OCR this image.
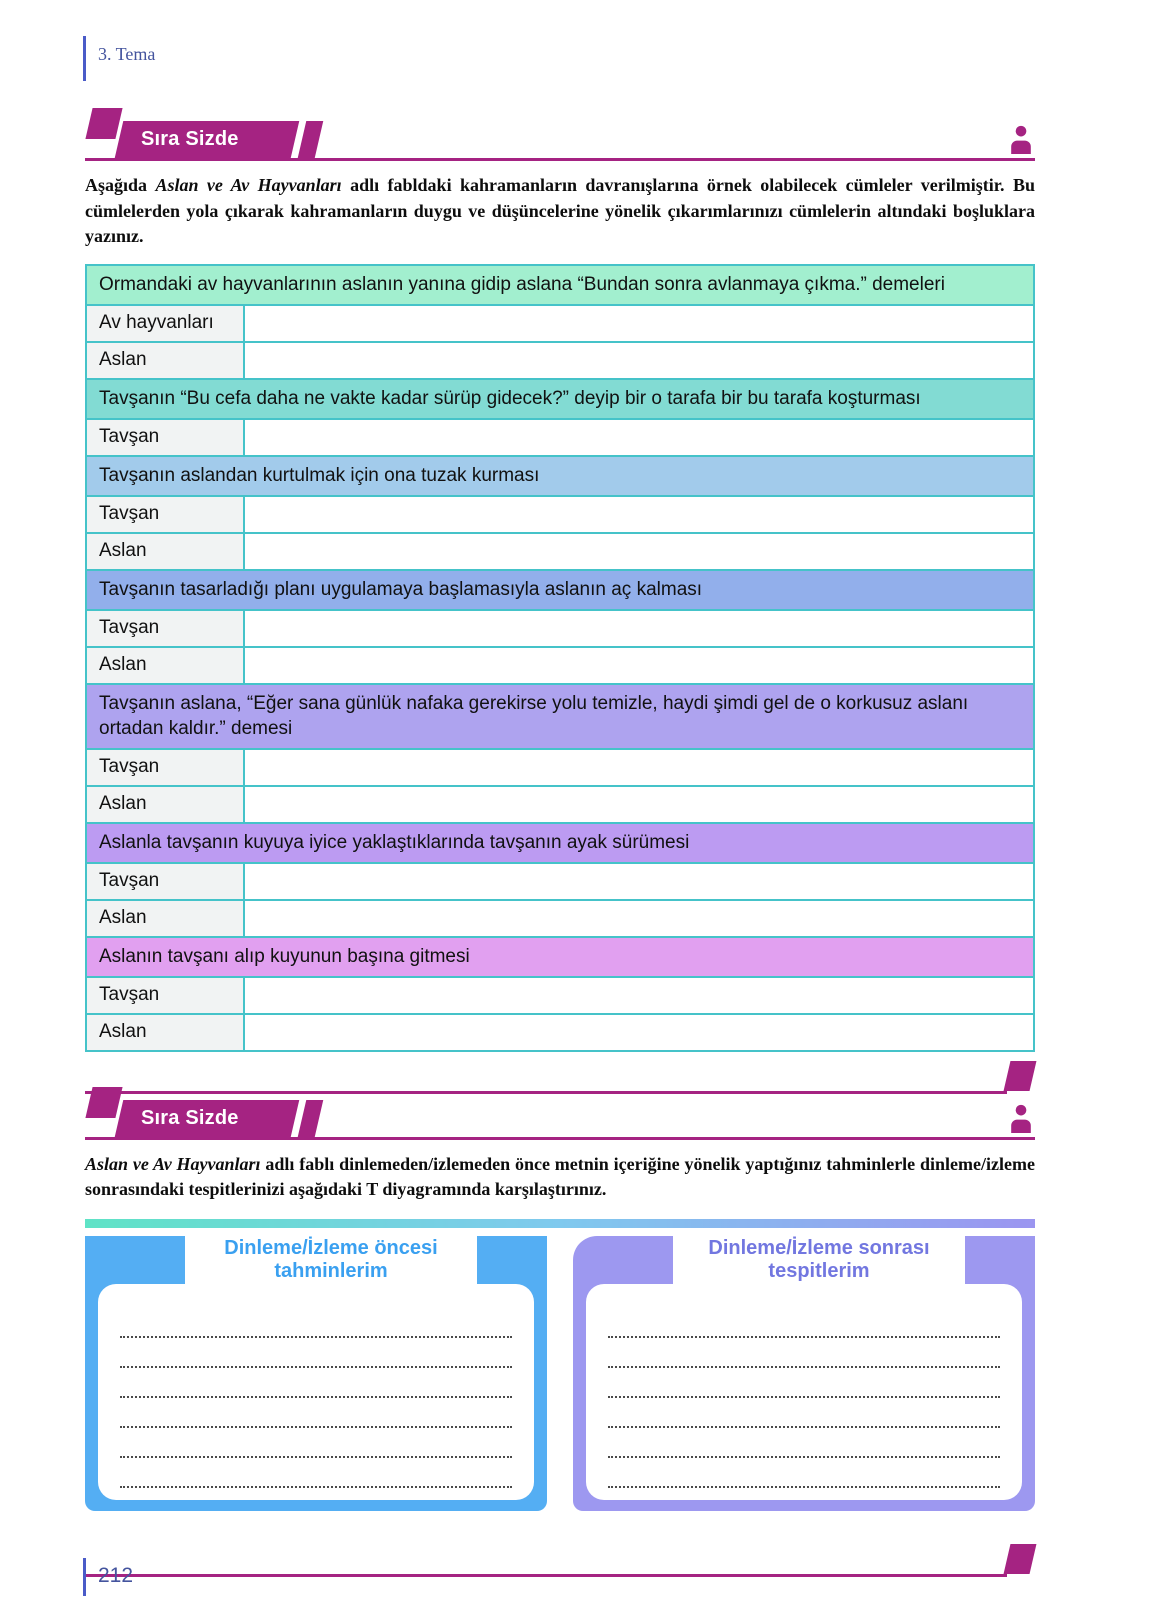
3. Tema
Sıra Sizde

Aşağıda Aslan ve Av Hayvanları adlı fabldaki kahramanların davranışlarına örnek olabilecek cümleler verilmiştir. Bu cümlelerden yola çıkarak kahramanların duygu ve düşüncelerine yönelik çıkarımlarınızı cümlelerin altındaki boşluklara yazınız.

Ormandaki av hayvanlarının aslanın yanına gidip aslana “Bundan sonra avlanmaya çıkma.” demeleri
Av hayvanları
Aslan
Tavşanın “Bu cefa daha ne vakte kadar sürüp gidecek?” deyip bir o tarafa bir bu tarafa koşturması
Tavşan
Tavşanın aslandan kurtulmak için ona tuzak kurması
Tavşan
Aslan
Tavşanın tasarladığı planı uygulamaya başlamasıyla aslanın aç kalması
Tavşan
Aslan
Tavşanın aslana, “Eğer sana günlük nafaka gerekirse yolu temizle, haydi şimdi gel de o korkusuz aslanı ortadan kaldır.” demesi
Tavşan
Aslan
Aslanla tavşanın kuyuya iyice yaklaştıklarında tavşanın ayak sürümesi
Tavşan
Aslan
Aslanın tavşanı alıp kuyunun başına gitmesi
Tavşan
Aslan
Sıra Sizde

Aslan ve Av Hayvanları adlı fablı dinlemeden/izlemeden önce metnin içeriğine yönelik yaptığınız tahminlerle dinleme/izleme sonrasındaki tespitlerinizi aşağıdaki T diyagramında karşılaştırınız.

Dinleme/İzleme öncesi
tahminlerim
Dinleme/İzleme sonrası
tespitlerim
212
